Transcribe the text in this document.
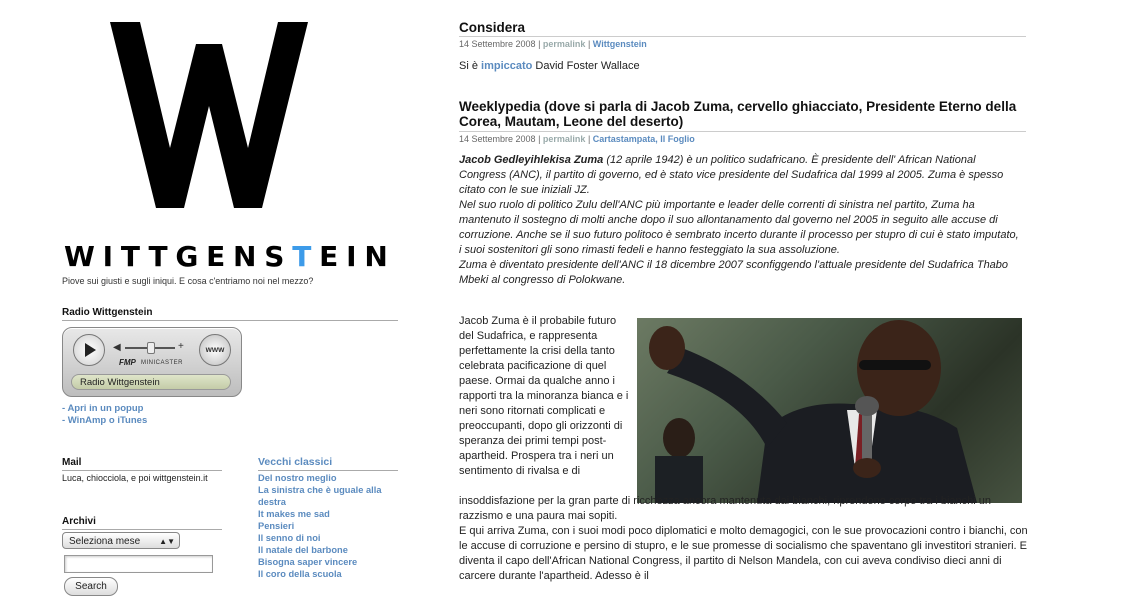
WITTGENSTEIN
Piove sui giusti e sugli iniqui. E cosa c'entriamo noi nel mezzo?
Radio Wittgenstein
◀	+
FMP MINICASTER
www
Radio Wittgenstein
- Apri in un popup
- WinAmp o iTunes
Mail
Luca, chiocciola, e poi wittgenstein.it
Archivi
Seleziona mese ▲▼
Search
Vecchi classici
Del nostro meglio
La sinistra che è uguale alla destra
It makes me sad
Pensieri
Il senno di noi
Il natale del barbone
Bisogna saper vincere
Il coro della scuola
Considera
14 Settembre 2008 | permalink | Wittgenstein
Si è impiccato David Foster Wallace
Weeklypedia (dove si parla di Jacob Zuma, cervello ghiacciato, Presidente Eterno della Corea, Mautam, Leone del deserto)
14 Settembre 2008 | permalink | Cartastampata, Il Foglio
Jacob Gedleyihlekisa Zuma (12 aprile 1942) è un politico sudafricano. È presidente dell' African National Congress (ANC), il partito di governo, ed è stato vice presidente del Sudafrica dal 1999 al 2005. Zuma è spesso citato con le sue iniziali JZ.
Nel suo ruolo di politico Zulu dell'ANC più importante e leader delle correnti di sinistra nel partito, Zuma ha mantenuto il sostegno di molti anche dopo il suo allontanamento dal governo nel 2005 in seguito alle accuse di corruzione. Anche se il suo futuro politoco è sembrato incerto durante il processo per stupro di cui è stato imputato, i suoi sostenitori gli sono rimasti fedeli e hanno festeggiato la sua assoluzione.
Zuma è diventato presidente dell'ANC il 18 dicembre 2007 sconfiggendo l'attuale presidente del Sudafrica Thabo Mbeki al congresso di Polokwane.
Jacob Zuma è il probabile futuro del Sudafrica, e rappresenta perfettamente la crisi della tanto celebrata pacificazione di quel paese. Ormai da qualche anno i rapporti tra la minoranza bianca e i neri sono ritornati complicati e preoccupanti, dopo gli orizzonti di speranza dei primi tempi post-apartheid. Prospera tra i neri un sentimento di rivalsa e di
insoddisfazione per la gran parte di ricchezza ancora mantenuta dai bianchi, riprendono corpo tra i bianchi un razzismo e una paura mai sopiti.
E qui arriva Zuma, con i suoi modi poco diplomatici e molto demagogici, con le sue provocazioni contro i bianchi, con le accuse di corruzione e persino di stupro, e le sue promesse di socialismo che spaventano gli investitori stranieri. E diventa il capo dell'African National Congress, il partito di Nelson Mandela, con cui aveva condiviso dieci anni di carcere durante l'apartheid. Adesso è il
